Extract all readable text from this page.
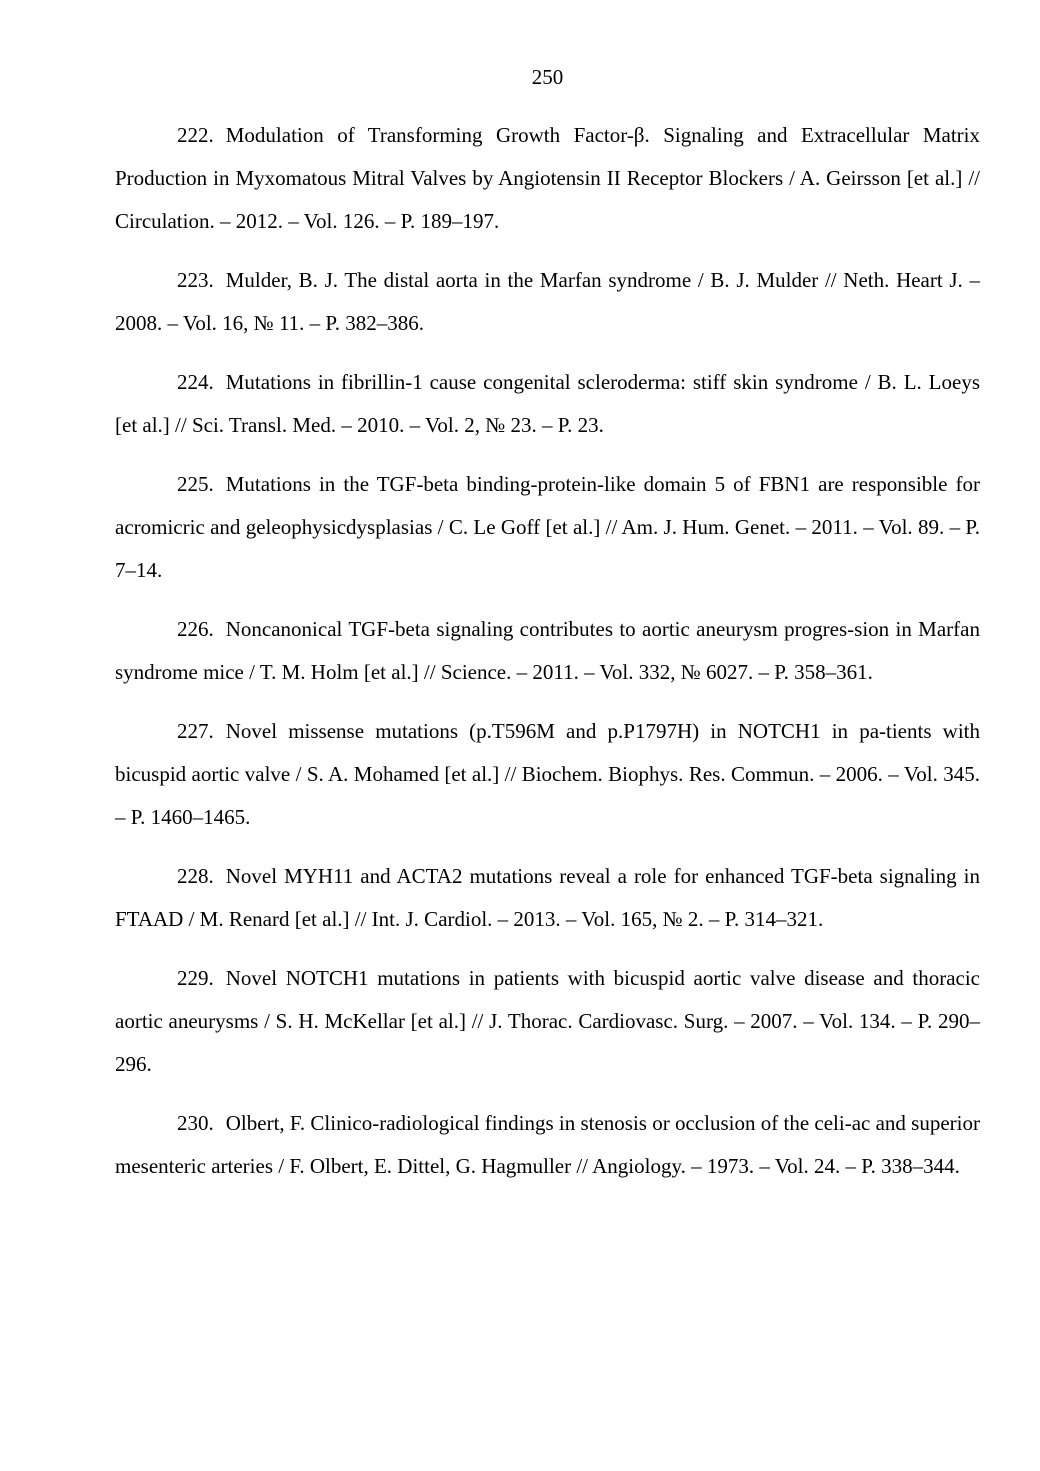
250

222. Modulation of Transforming Growth Factor-β. Signaling and Extracellular Matrix Production in Myxomatous Mitral Valves by Angiotensin II Receptor Blockers / A. Geirsson [et al.] // Circulation. – 2012. – Vol. 126. – P. 189–197.

223. Mulder, B. J. The distal aorta in the Marfan syndrome / B. J. Mulder // Neth. Heart J. – 2008. – Vol. 16, № 11. – P. 382–386.

224. Mutations in fibrillin-1 cause congenital scleroderma: stiff skin syndrome / B. L. Loeys [et al.] // Sci. Transl. Med. – 2010. – Vol. 2, № 23. – P. 23.

225. Mutations in the TGF-beta binding-protein-like domain 5 of FBN1 are responsible for acromicric and geleophysicdysplasias / C. Le Goff [et al.] // Am. J. Hum. Genet. – 2011. – Vol. 89. – P. 7–14.

226. Noncanonical TGF-beta signaling contributes to aortic aneurysm progres-sion in Marfan syndrome mice / T. M. Holm [et al.] // Science. – 2011. – Vol. 332, № 6027. – P. 358–361.

227. Novel missense mutations (p.T596M and p.P1797H) in NOTCH1 in pa-tients with bicuspid aortic valve / S. A. Mohamed [et al.] // Biochem. Biophys. Res. Commun. – 2006. – Vol. 345. – P. 1460–1465.

228. Novel MYH11 and ACTA2 mutations reveal a role for enhanced TGF-beta signaling in FTAAD / M. Renard [et al.] // Int. J. Cardiol. – 2013. – Vol. 165, № 2. – P. 314–321.

229. Novel NOTCH1 mutations in patients with bicuspid aortic valve disease and thoracic aortic aneurysms / S. H. McKellar [et al.] // J. Thorac. Cardiovasc. Surg. – 2007. – Vol. 134. – P. 290–296.

230. Olbert, F. Clinico-radiological findings in stenosis or occlusion of the celi-ac and superior mesenteric arteries / F. Olbert, E. Dittel, G. Hagmuller // Angiology. – 1973. – Vol. 24. – P. 338–344.
